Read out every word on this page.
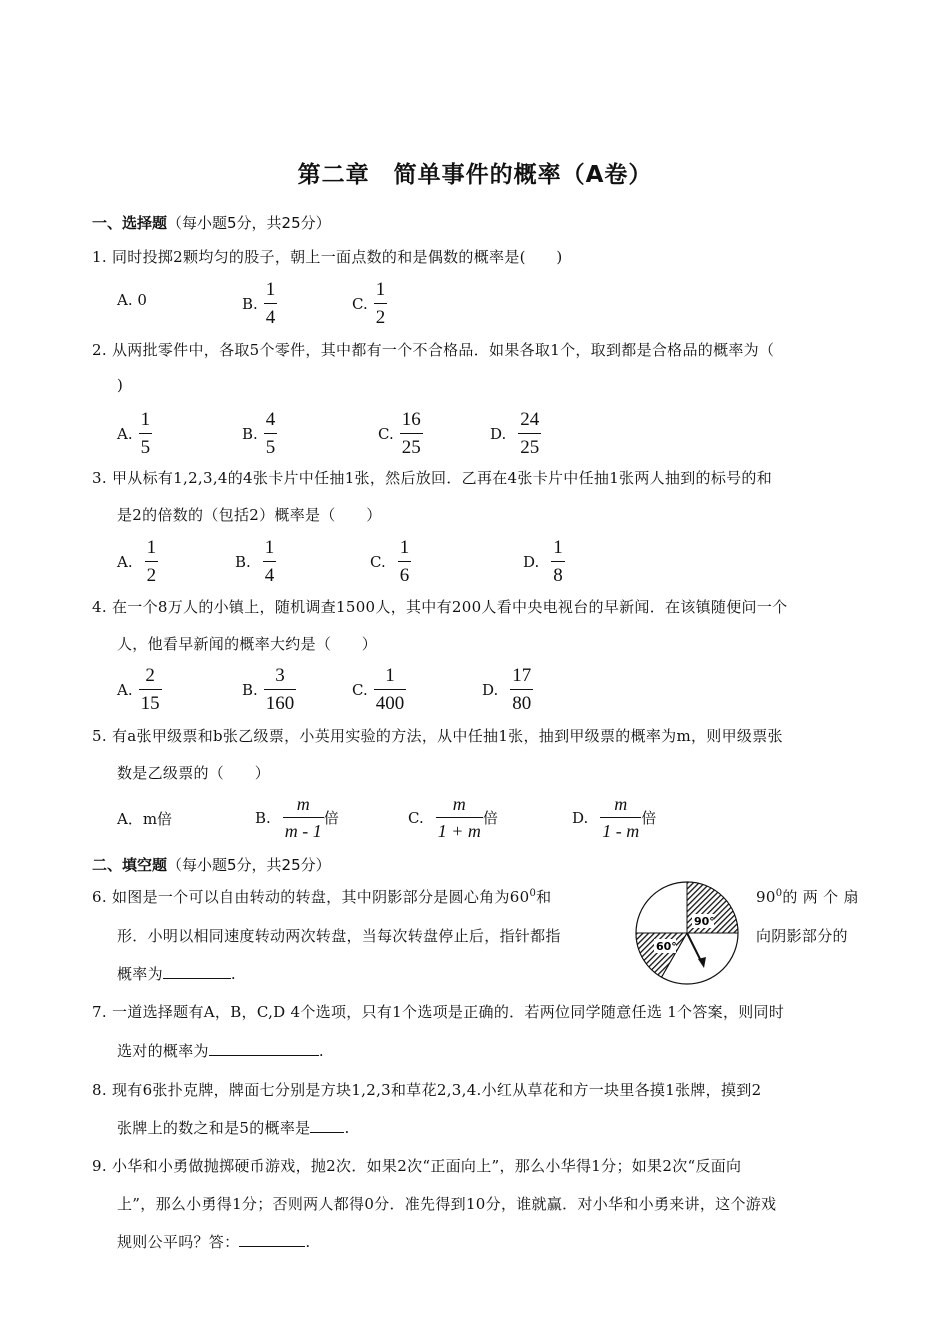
第二章　简单事件的概率（A卷）
一、选择题（每小题5分，共25分）
1. 同时投掷2颗均匀的股子，朝上一面点数的和是偶数的概率是(　　)
A. 0	B. $\frac{1}{4}$	C. $\frac{1}{2}$
2. 从两批零件中，各取5个零件，其中都有一个不合格品．如果各取1个，取到都是合格品的概率为（
)
A. $\frac{1}{5}$	B. $\frac{4}{5}$	C. $\frac{16}{25}$	D. $\frac{24}{25}$
3. 甲从标有1,2,3,4的4张卡片中任抽1张，然后放回．乙再在4张卡片中任抽1张两人抽到的标号的和
是2的倍数的（包括2）概率是（　　）
A. $\frac{1}{2}$	B. $\frac{1}{4}$	C. $\frac{1}{6}$	D. $\frac{1}{8}$
4. 在一个8万人的小镇上，随机调查1500人，其中有200人看中央电视台的早新闻．在该镇随便问一个
人，他看早新闻的概率大约是（　　）
A. $\frac{2}{15}$	B. $\frac{3}{160}$	C. $\frac{1}{400}$	D. $\frac{17}{80}$
5. 有a张甲级票和b张乙级票，小英用实验的方法，从中任抽1张，抽到甲级票的概率为m，则甲级票张
数是乙级票的（　　）
A．m倍	B. $\frac{m}{m - 1}$ 倍	C. $\frac{m}{1 + m}$ 倍	D. $\frac{m}{1 - m}$ 倍
二、填空题（每小题5分，共25分）
6. 如图是一个可以自由转动的转盘，其中阴影部分是圆心角为$60^0$和	$90^0$的 两 个 扇
形．小明以相同速度转动两次转盘，当每次转盘停止后，指针都指	向阴影部分的
概率为	.
90°
60°
7. 一道选择题有A，B，C,D 4个选项，只有1个选项是正确的．若两位同学随意任选 1个答案，则同时
选对的概率为	.
8. 现有6张扑克牌，牌面七分别是方块1,2,3和草花2,3,4.小红从草花和方一块里各摸1张牌，摸到2
张牌上的数之和是5的概率是 .
9. 小华和小勇做抛掷硬币游戏，抛2次．如果2次“正面向上”，那么小华得1分；如果2次“反面向
上”，那么小勇得1分；否则两人都得0分．准先得到10分，谁就赢．对小华和小勇来讲，这个游戏
规则公平吗？答：	.
